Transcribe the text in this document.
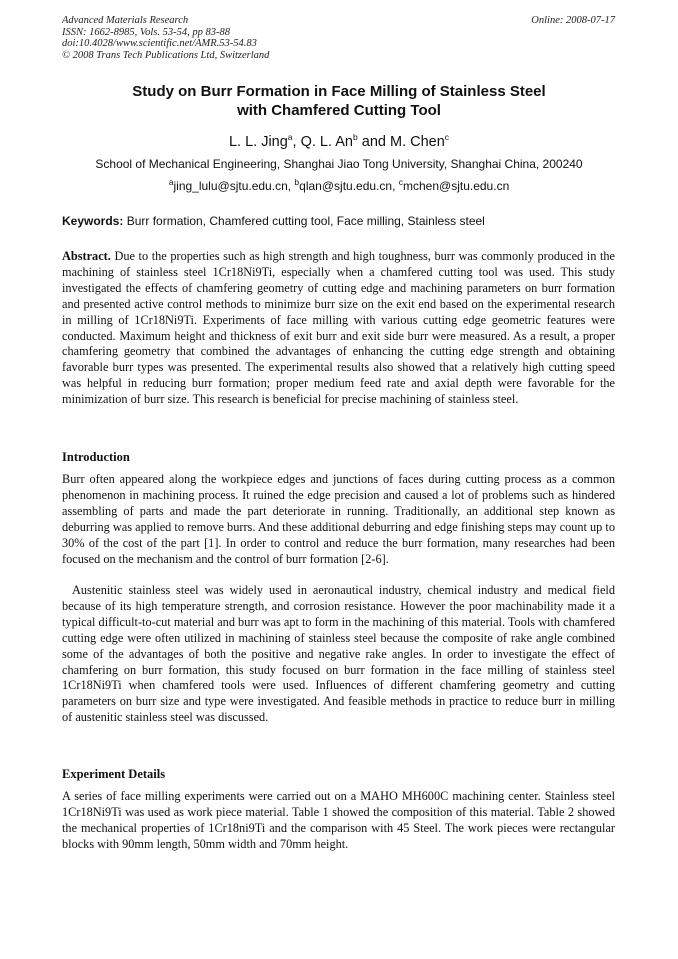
Advanced Materials Research
ISSN: 1662-8985, Vols. 53-54, pp 83-88
doi:10.4028/www.scientific.net/AMR.53-54.83
© 2008 Trans Tech Publications Ltd, Switzerland
Online: 2008-07-17
Study on Burr Formation in Face Milling of Stainless Steel
with Chamfered Cutting Tool
L. L. Jing$^a$, Q. L. An$^b$ and M. Chen$^c$
School of Mechanical Engineering, Shanghai Jiao Tong University, Shanghai China, 200240
$^a$jing_lulu@sjtu.edu.cn, $^b$qlan@sjtu.edu.cn, $^c$mchen@sjtu.edu.cn
Keywords: Burr formation, Chamfered cutting tool, Face milling, Stainless steel

Abstract. Due to the properties such as high strength and high toughness, burr was commonly produced in the machining of stainless steel 1Cr18Ni9Ti, especially when a chamfered cutting tool was used. This study investigated the effects of chamfering geometry of cutting edge and machining parameters on burr formation and presented active control methods to minimize burr size on the exit end based on the experimental research in milling of 1Cr18Ni9Ti. Experiments of face milling with various cutting edge geometric features were conducted. Maximum height and thickness of exit burr and exit side burr were measured. As a result, a proper chamfering geometry that combined the advantages of enhancing the cutting edge strength and obtaining favorable burr types was presented. The experimental results also showed that a relatively high cutting speed was helpful in reducing burr formation; proper medium feed rate and axial depth were favorable for the minimization of burr size. This research is beneficial for precise machining of stainless steel.

Introduction

Burr often appeared along the workpiece edges and junctions of faces during cutting process as a common phenomenon in machining process. It ruined the edge precision and caused a lot of problems such as hindered assembling of parts and made the part deteriorate in running. Traditionally, an additional step known as deburring was applied to remove burrs. And these additional deburring and edge finishing steps may count up to 30% of the cost of the part [1]. In order to control and reduce the burr formation, many researches had been focused on the mechanism and the control of burr formation [2-6].

Austenitic stainless steel was widely used in aeronautical industry, chemical industry and medical field because of its high temperature strength, and corrosion resistance. However the poor machinability made it a typical difficult-to-cut material and burr was apt to form in the machining of this material. Tools with chamfered cutting edge were often utilized in machining of stainless steel because the composite of rake angle combined some of the advantages of both the positive and negative rake angles. In order to investigate the effect of chamfering on burr formation, this study focused on burr formation in the face milling of stainless steel 1Cr18Ni9Ti when chamfered tools were used. Influences of different chamfering geometry and cutting parameters on burr size and type were investigated. And feasible methods in practice to reduce burr in milling of austenitic stainless steel was discussed.

Experiment Details

A series of face milling experiments were carried out on a MAHO MH600C machining center. Stainless steel 1Cr18Ni9Ti was used as work piece material. Table 1 showed the composition of this material. Table 2 showed the mechanical properties of 1Cr18ni9Ti and the comparison with 45 Steel. The work pieces were rectangular blocks with 90mm length, 50mm width and 70mm height.
